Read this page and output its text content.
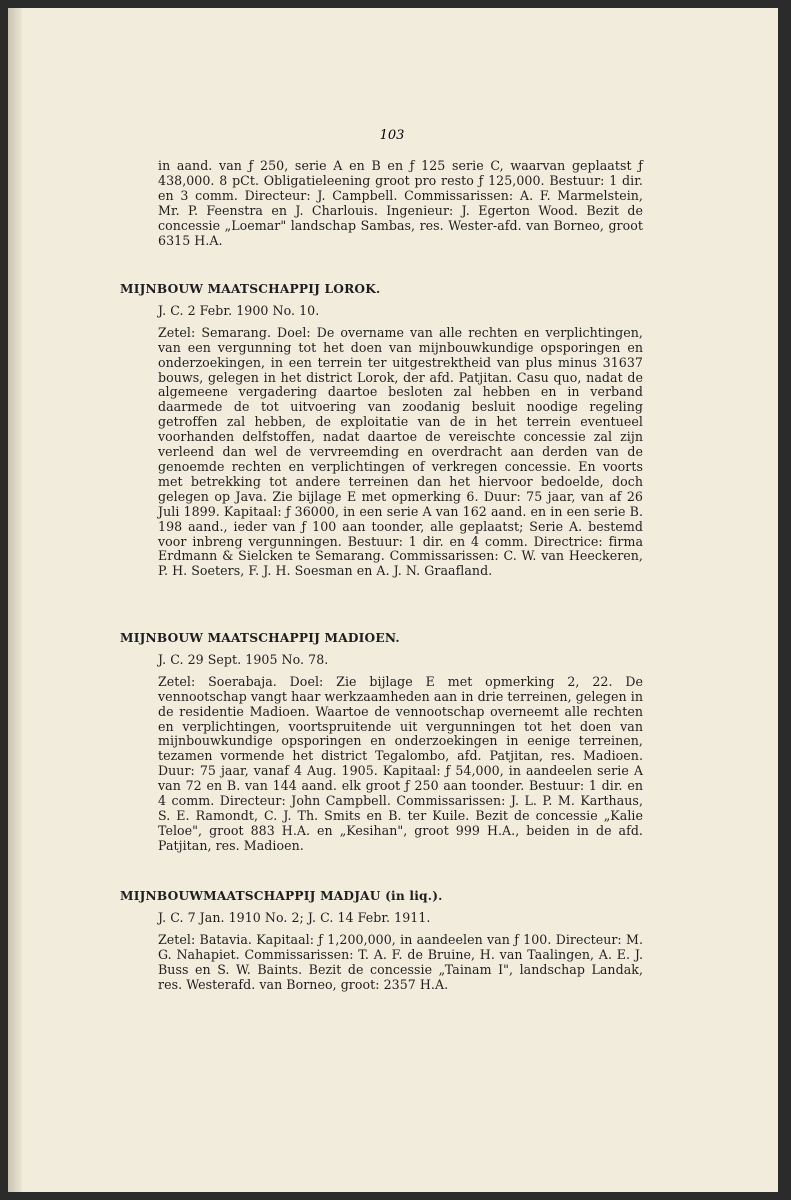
103

in aand. van ƒ 250, serie A en B en ƒ 125 serie C, waarvan geplaatst ƒ 438,000. 8 pCt. Obligatieleening groot pro resto ƒ 125,000. Bestuur: 1 dir. en 3 comm. Directeur: J. Campbell. Commissarissen: A. F. Marmelstein, Mr. P. Feenstra en J. Charlouis. Ingenieur: J. Egerton Wood. Bezit de concessie „Loemar" landschap Sambas, res. Wester-afd. van Borneo, groot 6315 H.A.

MIJNBOUW MAATSCHAPPIJ LOROK.
J. C. 2 Febr. 1900 No. 10.

Zetel: Semarang. Doel: De overname van alle rechten en verplichtingen, van een vergunning tot het doen van mijnbouwkundige opsporingen en onderzoekingen, in een terrein ter uitgestrektheid van plus minus 31637 bouws, gelegen in het district Lorok, der afd. Patjitan. Casu quo, nadat de algemeene vergadering daartoe besloten zal hebben en in verband daarmede de tot uitvoering van zoodanig besluit noodige regeling getroffen zal hebben, de exploitatie van de in het terrein eventueel voorhanden delfstoffen, nadat daartoe de vereischte concessie zal zijn verleend dan wel de vervreemding en overdracht aan derden van de genoemde rechten en verplichtingen of verkregen concessie. En voorts met betrekking tot andere terreinen dan het hiervoor bedoelde, doch gelegen op Java. Zie bijlage E met opmerking 6. Duur: 75 jaar, van af 26 Juli 1899. Kapitaal: ƒ 36000, in een serie A van 162 aand. en in een serie B. 198 aand., ieder van ƒ 100 aan toonder, alle geplaatst; Serie A. bestemd voor inbreng vergunningen. Bestuur: 1 dir. en 4 comm. Directrice: firma Erdmann & Sielcken te Semarang. Commissarissen: C. W. van Heeckeren, P. H. Soeters, F. J. H. Soesman en A. J. N. Graafland.

MIJNBOUW MAATSCHAPPIJ MADIOEN.
J. C. 29 Sept. 1905 No. 78.

Zetel: Soerabaja. Doel: Zie bijlage E met opmerking 2, 22. De vennootschap vangt haar werkzaamheden aan in drie terreinen, gelegen in de residentie Madioen. Waartoe de vennootschap overneemt alle rechten en verplichtingen, voortspruitende uit vergunningen tot het doen van mijnbouwkundige opsporingen en onderzoekingen in eenige terreinen, tezamen vormende het district Tegalombo, afd. Patjitan, res. Madioen. Duur: 75 jaar, vanaf 4 Aug. 1905. Kapitaal: ƒ 54,000, in aandeelen serie A van 72 en B. van 144 aand. elk groot ƒ 250 aan toonder. Bestuur: 1 dir. en 4 comm. Directeur: John Campbell. Commissarissen: J. L. P. M. Karthaus, S. E. Ramondt, C. J. Th. Smits en B. ter Kuile. Bezit de concessie „Kalie Teloe", groot 883 H.A. en „Kesihan", groot 999 H.A., beiden in de afd. Patjitan, res. Madioen.

MIJNBOUWMAATSCHAPPIJ MADJAU (in liq.).
J. C. 7 Jan. 1910 No. 2; J. C. 14 Febr. 1911.

Zetel: Batavia. Kapitaal: ƒ 1,200,000, in aandeelen van ƒ 100. Directeur: M. G. Nahapiet. Commissarissen: T. A. F. de Bruine, H. van Taalingen, A. E. J. Buss en S. W. Baints. Bezit de concessie „Tainam I", landschap Landak, res. Westerafd. van Borneo, groot: 2357 H.A.
